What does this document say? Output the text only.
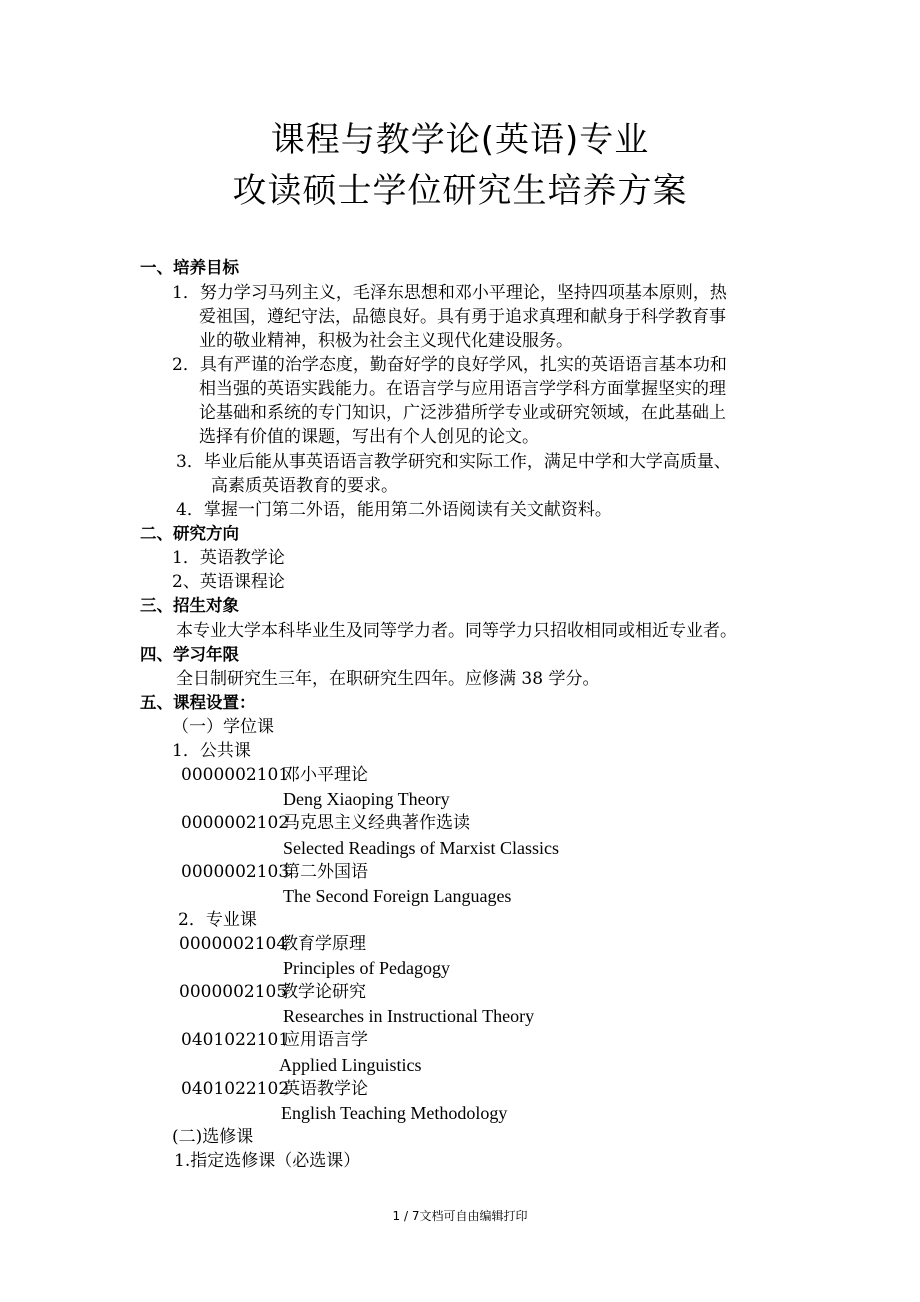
课程与教学论(英语)专业
攻读硕士学位研究生培养方案
一、培养目标
1．努力学习马列主义，毛泽东思想和邓小平理论，坚持四项基本原则，热
爱祖国，遵纪守法，品德良好。具有勇于追求真理和献身于科学教育事
业的敬业精神，积极为社会主义现代化建设服务。
2．具有严谨的治学态度，勤奋好学的良好学风，扎实的英语语言基本功和
相当强的英语实践能力。在语言学与应用语言学学科方面掌握坚实的理
论基础和系统的专门知识，广泛涉猎所学专业或研究领域，在此基础上
选择有价值的课题，写出有个人创见的论文。
3．毕业后能从事英语语言教学研究和实际工作，满足中学和大学高质量、
高素质英语教育的要求。
4．掌握一门第二外语，能用第二外语阅读有关文献资料。
二、研究方向
1．英语教学论
2、英语课程论
三、招生对象
本专业大学本科毕业生及同等学力者。同等学力只招收相同或相近专业者。
四、学习年限
全日制研究生三年，在职研究生四年。应修满 38 学分。
五、课程设置：
（一）学位课
1．公共课
0000002101
邓小平理论
Deng Xiaoping Theory
0000002102
马克思主义经典著作选读
Selected Readings of Marxist Classics
0000002103
第二外国语
The Second Foreign Languages
2．专业课
0000002104
教育学原理
Principles of Pedagogy
0000002105
教学论研究
Researches in Instructional Theory
0401022101
应用语言学
Applied Linguistics
0401022102
英语教学论
English Teaching Methodology
(二)选修课
1.指定选修课（必选课）
1 / 7文档可自由编辑打印
